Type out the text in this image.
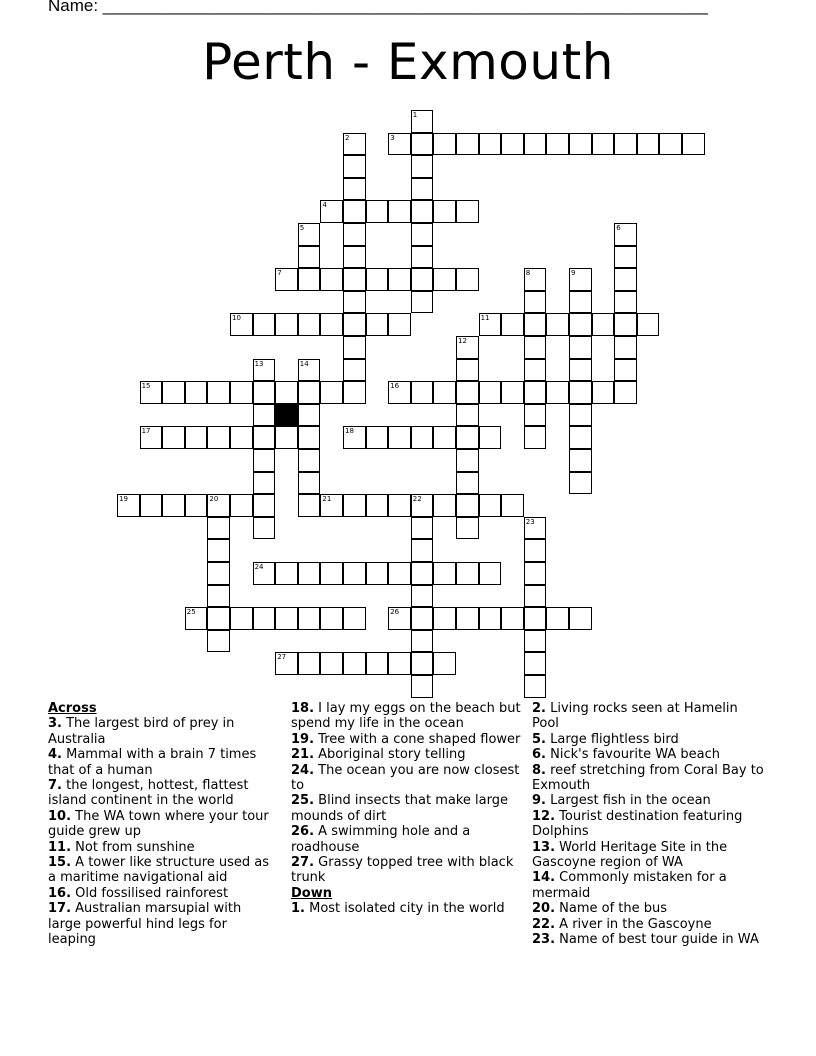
Name: ________________________________________________________________
Perth - Exmouth
1
2	3
4
5	6
7	8	9
10	11
12
13	14
15	16
17	18
19	20	21	22
23
24
25	26
27
Across
3. The largest bird of prey in Australia
4. Mammal with a brain 7 times that of a human
7. the longest, hottest, flattest island continent in the world
10. The WA town where your tour guide grew up
11. Not from sunshine
15. A tower like structure used as a maritime navigational aid
16. Old fossilised rainforest
17. Australian marsupial with large powerful hind legs for leaping
18. I lay my eggs on the beach but spend my life in the ocean
19. Tree with a cone shaped flower
21. Aboriginal story telling
24. The ocean you are now closest to
25. Blind insects that make large mounds of dirt
26. A swimming hole and a roadhouse
27. Grassy topped tree with black trunk
Down
1. Most isolated city in the world
2. Living rocks seen at Hamelin Pool
5. Large flightless bird
6. Nick's favourite WA beach
8. reef stretching from Coral Bay to Exmouth
9. Largest fish in the ocean
12. Tourist destination featuring Dolphins
13. World Heritage Site in the Gascoyne region of WA
14. Commonly mistaken for a mermaid
20. Name of the bus
22. A river in the Gascoyne
23. Name of best tour guide in WA
